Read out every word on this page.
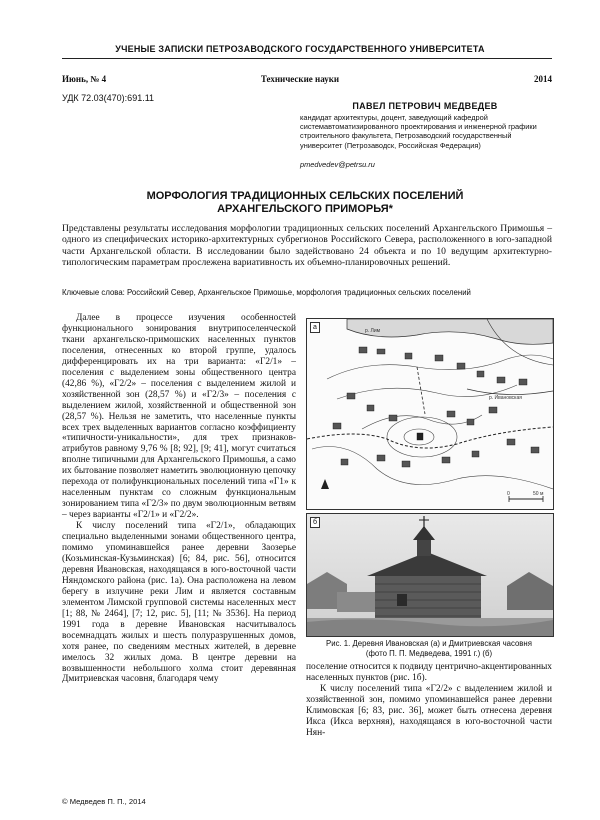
УЧЕНЫЕ ЗАПИСКИ ПЕТРОЗАВОДСКОГО ГОСУДАРСТВЕННОГО УНИВЕРСИТЕТА
Июнь, № 4	Технические науки	2014
УДК 72.03(470):691.11
ПАВЕЛ ПЕТРОВИЧ МЕДВЕДЕВ
кандидат архитектуры, доцент, заведующий кафедрой системавтоматизированного проектирования и инженерной графики строительного факультета, Петрозаводский государственный университет (Петрозаводск, Российская Федерация)
pmedvedev@petrsu.ru
МОРФОЛОГИЯ ТРАДИЦИОННЫХ СЕЛЬСКИХ ПОСЕЛЕНИЙ
АРХАНГЕЛЬСКОГО ПРИМОРЬЯ*
Представлены результаты исследования морфологии традиционных сельских поселений Архангельского Примошья – одного из специфических историко-архитектурных субрегионов Российского Севера, расположенного в юго-западной части Архангельской области. В исследовании было задействовано 24 объекта и по 10 ведущим архитектурно-типологическим параметрам прослежена вариативность их объемно-планировочных решений.
Ключевые слова: Российский Север, Архангельское Примошье, морфология традиционных сельских поселений

Далее в процессе изучения особенностей функционального зонирования внутрипоселенческой ткани архангельско-примошских населенных пунктов поселения, отнесенных ко второй группе, удалось дифференцировать их на три варианта: «Г2/1» – поселения с выделением зоны общественного центра (42,86 %), «Г2/2» – поселения с выделением жилой и хозяйственной зон (28,57 %) и «Г2/3» – поселения с выделением жилой, хозяйственной и общественной зон (28,57 %). Нельзя не заметить, что населенные пункты всех трех выделенных вариантов согласно коэффициенту «типичности-уникальности», для трех признаков-атрибутов равному 9,76 % [8; 92], [9; 41], могут считаться вполне типичными для Архангельского Примошья, а само их бытование позволяет наметить эволюционную цепочку перехода от полифункциональных поселений типа «Г1» к населенным пунктам со сложным функциональным зонированием типа «Г2/3» по двум эволюционным ветвям – через варианты «Г2/1» и «Г2/2».

К числу поселений типа «Г2/1», обладающих специально выделенными зонами общественного центра, помимо упоминавшейся ранее деревни Заозерье (Козьминская-Кузьминская) [6; 84, рис. 56], относится деревня Ивановская, находящаяся в юго-восточной части Няндомского района (рис. 1а). Она расположена на левом берегу в излучине реки Лим и является составным элементом Лимской групповой системы населенных мест [1; 88, № 2464], [7; 12, рис. 5], [11; № 3536]. На период 1991 года в деревне Ивановская насчитывалось восемнадцать жилых и шесть полуразрушенных домов, хотя ранее, по сведениям местных жителей, в деревне имелось 32 жилых дома. В центре деревни на возвышенности небольшого холма стоит деревянная Дмитриевская часовня, благодаря чему

р. Лим
р. Ивановская
0	50 м
а
б
Рис. 1. Деревня Ивановская (а) и Дмитриевская часовня
(фото П. П. Медведева, 1991 г.) (б)

поселение относится к подвиду центрично-акцентированных населенных пунктов (рис. 1б).

К числу поселений типа «Г2/2» с выделением жилой и хозяйственной зон, помимо упоминавшейся ранее деревни Климовская [6; 83, рис. 36], может быть отнесена деревня Икса (Икса верхняя), находящаяся в юго-восточной части Нян-

© Медведев П. П., 2014
